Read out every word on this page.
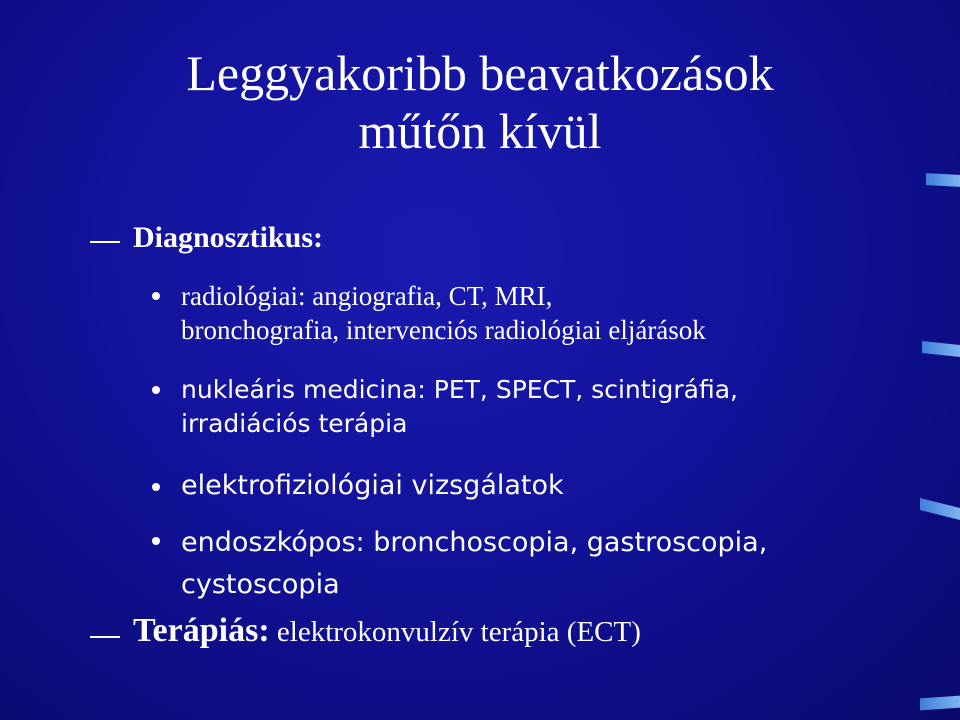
Leggyakoribb beavatkozások
műtőn kívül
Diagnosztikus:
radiológiai: angiografia, CT, MRI,
bronchografia, intervenciós radiológiai eljárások
nukleáris medicina: PET, SPECT, scintigráfia,
irradiációs terápia
elektrofiziológiai vizsgálatok
endoszkópos: bronchoscopia, gastroscopia,
cystoscopia
Terápiás: elektrokonvulzív terápia (ECT)
